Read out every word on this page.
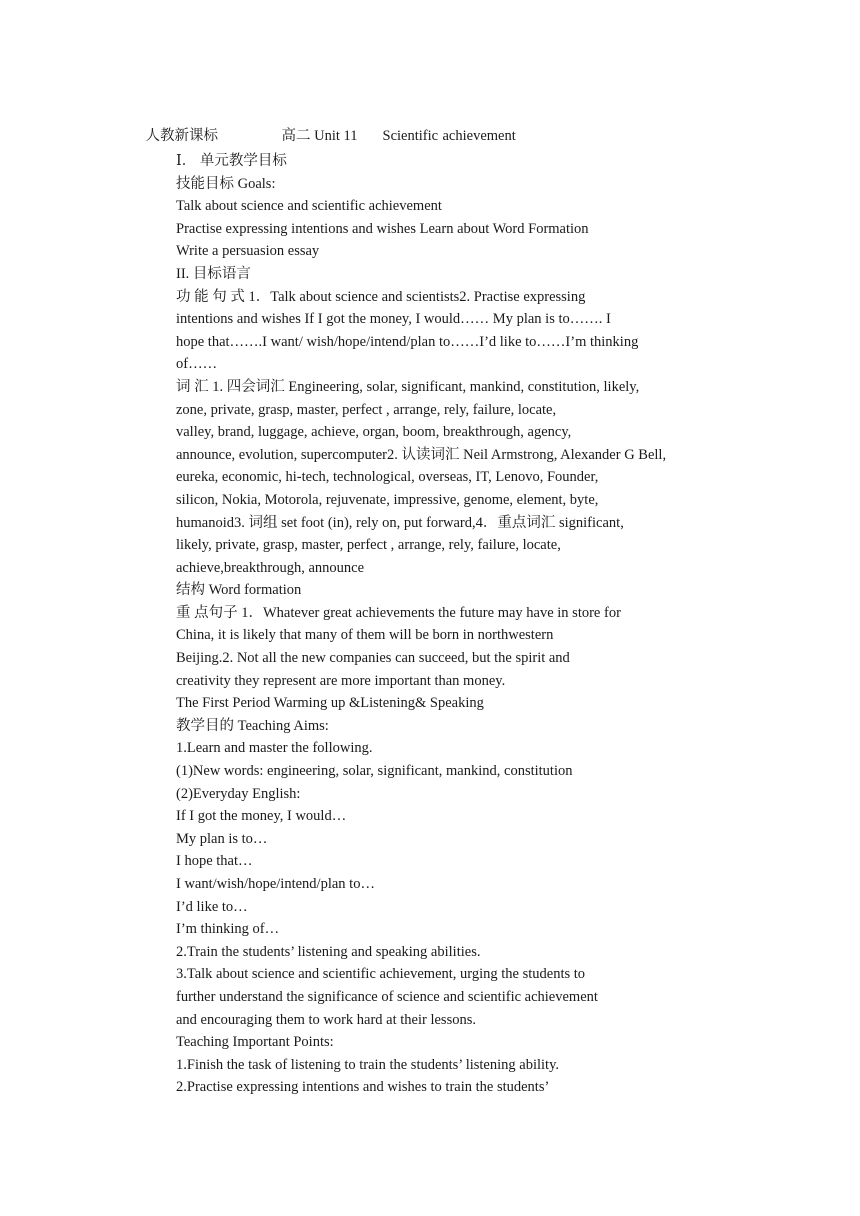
人教新课标	高二 Unit 11 Scientific achievement

Ⅰ． 单元教学目标
技能目标 Goals:
Talk about science and scientific achievement
Practise expressing intentions and wishes Learn about Word Formation
Write a persuasion essay
II. 目标语言
功 能 句 式 1．Talk about science and scientists2. Practise expressing
intentions and wishes If I got the money, I would…… My plan is to……. I
hope that…….I want/ wish/hope/intend/plan to……I’d like to……I’m thinking
of……
词 汇 1. 四会词汇 Engineering, solar, significant, mankind, constitution, likely,
zone, private, grasp, master, perfect , arrange, rely, failure, locate,
valley, brand, luggage, achieve, organ, boom, breakthrough, agency,
announce, evolution, supercomputer2. 认读词汇 Neil Armstrong, Alexander G Bell,
eureka, economic, hi-tech, technological, overseas, IT, Lenovo, Founder,
silicon, Nokia, Motorola, rejuvenate, impressive, genome, element, byte,
humanoid3. 词组 set foot (in), rely on, put forward,4．重点词汇 significant,
likely, private, grasp, master, perfect , arrange, rely, failure, locate,
achieve,breakthrough, announce
结构 Word formation
重 点句子 1．Whatever great achievements the future may have in store for
China, it is likely that many of them will be born in northwestern
Beijing.2. Not all the new companies can succeed, but the spirit and
creativity they represent are more important than money.
The First Period Warming up &Listening& Speaking
教学目的 Teaching Aims:
1.Learn and master the following.
(1)New words: engineering, solar, significant, mankind, constitution
(2)Everyday English:
If I got the money, I would…
My plan is to…
I hope that…
I want/wish/hope/intend/plan to…
I’d like to…
I’m thinking of…
2.Train the students’ listening and speaking abilities.
3.Talk about science and scientific achievement, urging the students to
further understand the significance of science and scientific achievement
and encouraging them to work hard at their lessons.
Teaching Important Points:
1.Finish the task of listening to train the students’ listening ability.
2.Practise expressing intentions and wishes to train the students’
